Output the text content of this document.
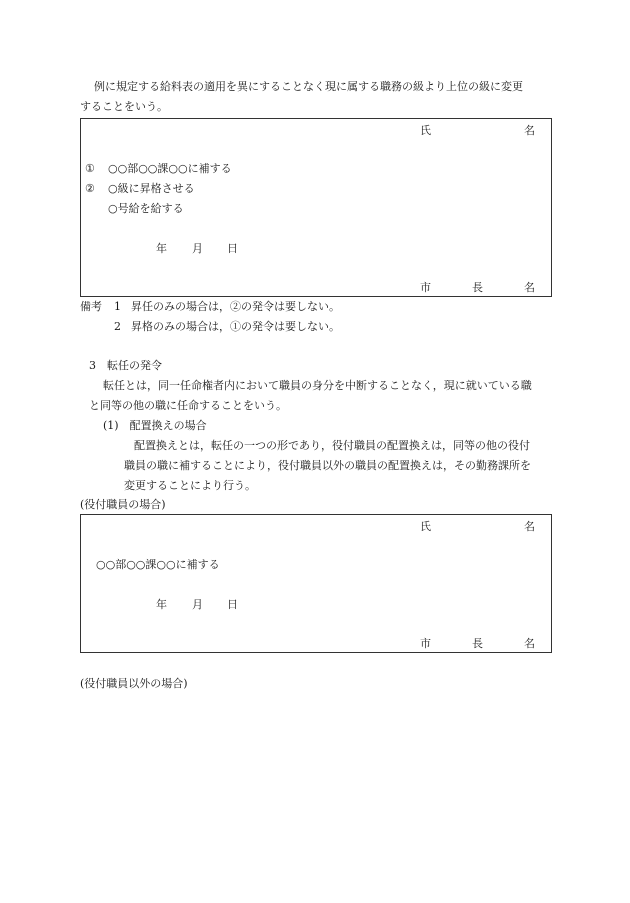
例に規定する給料表の適用を異にすることなく現に属する職務の級より上位の級に変更
することをいう。
氏	名
① ○○部○○課○○に補する
② ○級に昇格させる
○号給を給する
年 月 日
市	長	名
備考 1 昇任のみの場合は，②の発令は要しない。
2 昇格のみの場合は，①の発令は要しない。
3　転任の発令
転任とは，同一任命権者内において職員の身分を中断することなく，現に就いている職
と同等の他の職に任命することをいう。
(1)　配置換えの場合
配置換えとは，転任の一つの形であり，役付職員の配置換えは，同等の他の役付
職員の職に補することにより，役付職員以外の職員の配置換えは，その勤務課所を
変更することにより行う。
(役付職員の場合)
氏	名
○○部○○課○○に補する
年 月 日
市	長	名
(役付職員以外の場合)
